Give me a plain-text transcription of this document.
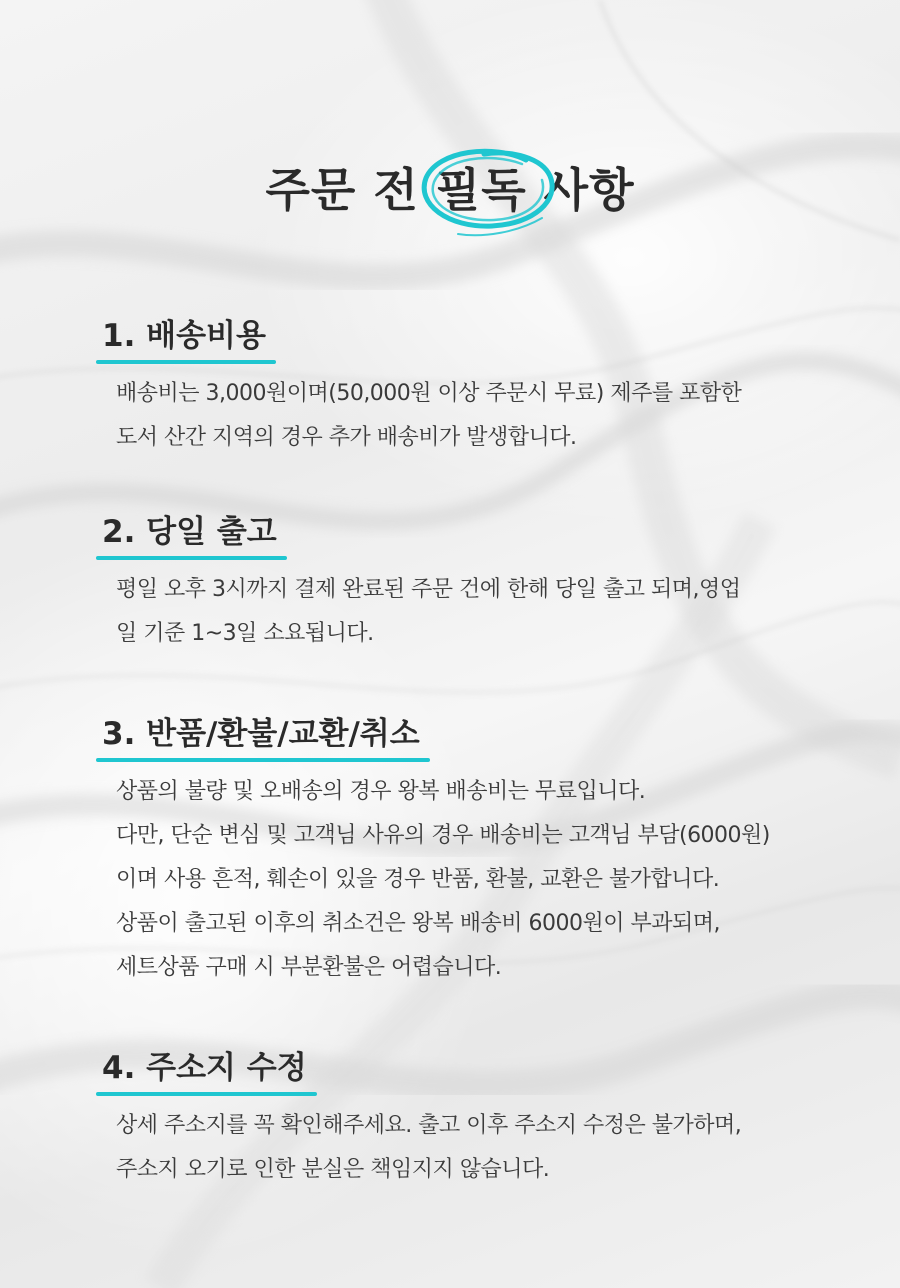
주문 전
필독 사항
1. 배송비용

배송비는 3,000원이며(50,000원 이상 주문시 무료) 제주를 포함한

도서 산간 지역의 경우 추가 배송비가 발생합니다.

2. 당일 출고

평일 오후 3시까지 결제 완료된 주문 건에 한해 당일 출고 되며,영업

일 기준 1~3일 소요됩니다.

3. 반품/환불/교환/취소

상품의 불량 및 오배송의 경우 왕복 배송비는 무료입니다.

다만, 단순 변심 및 고객님 사유의 경우 배송비는 고객님 부담(6000원)

이며 사용 흔적, 훼손이 있을 경우 반품, 환불, 교환은 불가합니다.

상품이 출고된 이후의 취소건은 왕복 배송비 6000원이 부과되며,

세트상품 구매 시 부분환불은 어렵습니다.

4. 주소지 수정

상세 주소지를 꼭 확인해주세요. 출고 이후 주소지 수정은 불가하며,

주소지 오기로 인한 분실은 책임지지 않습니다.
